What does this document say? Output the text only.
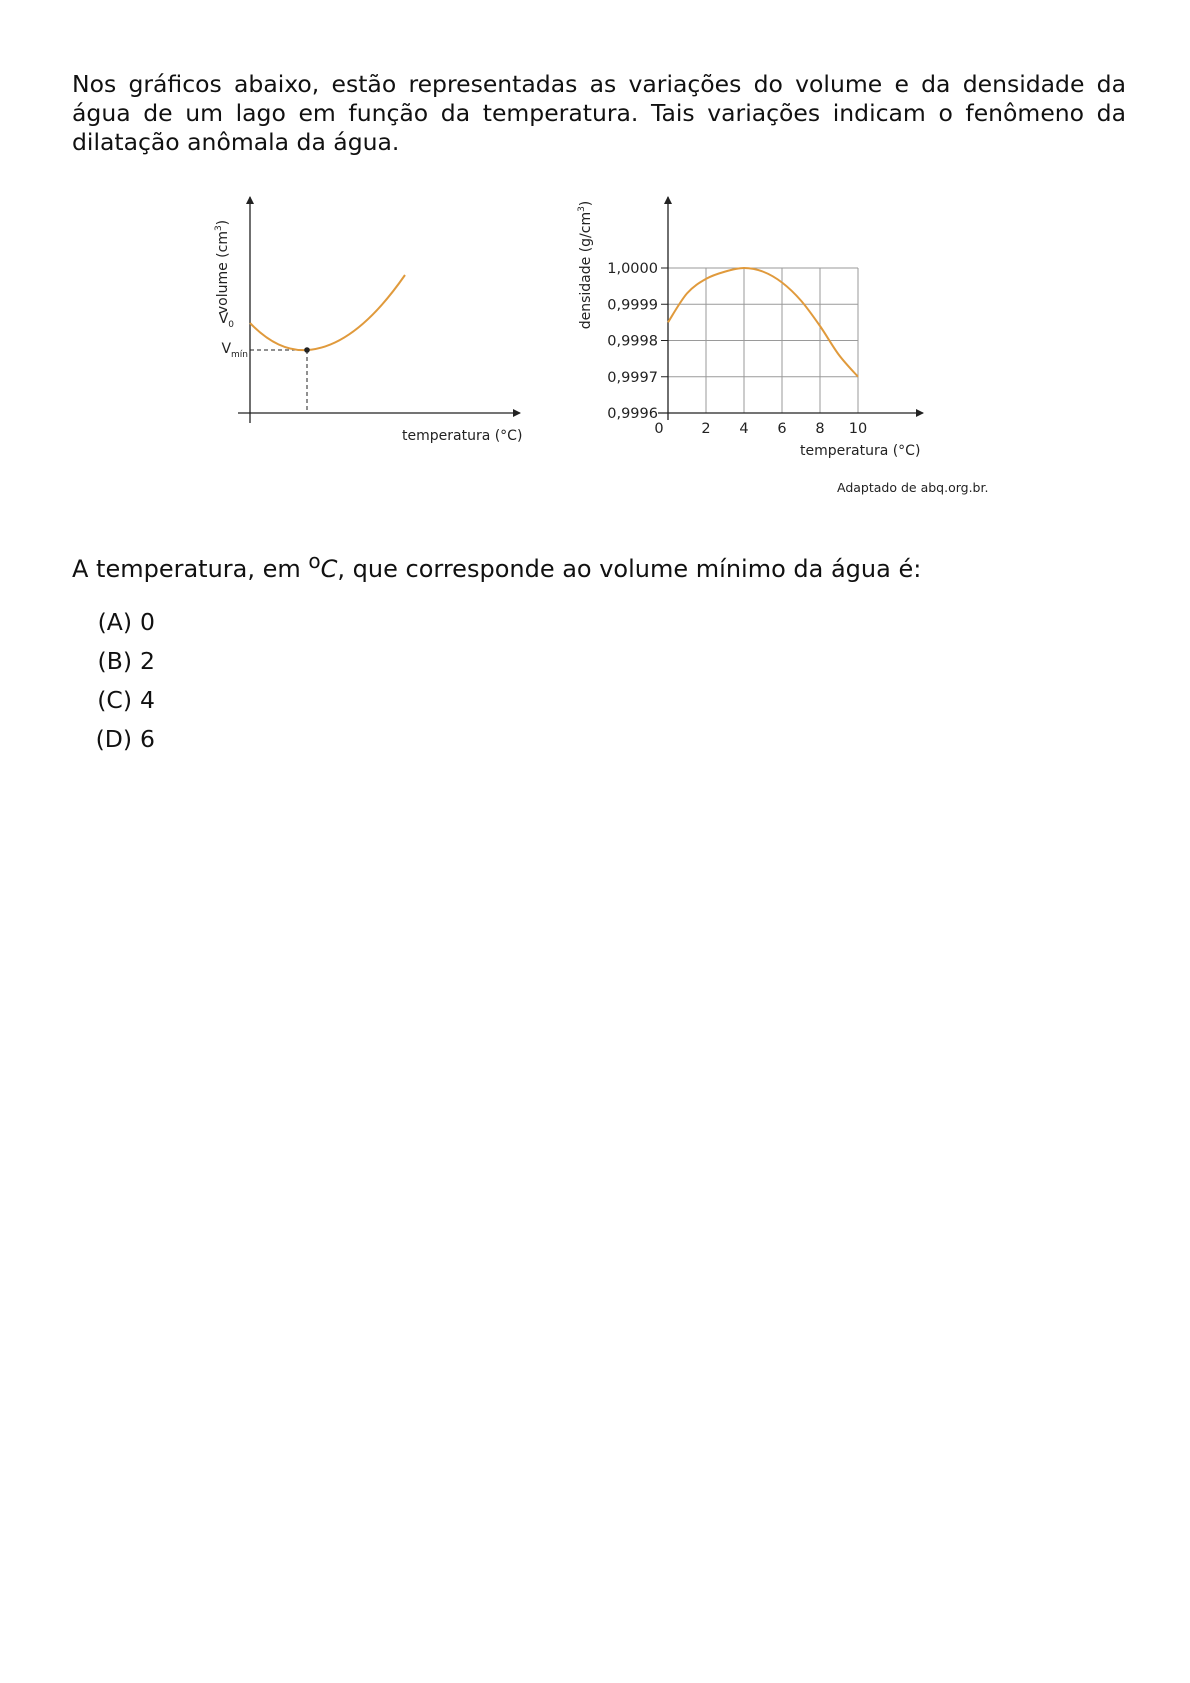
Nos gráficos abaixo, estão representadas as variações do volume e da densidade da água de um lago em função da temperatura. Tais variações indicam o fenômeno da dilatação anômala da água.

$V_0$
$V_{mín}$
volume $(cm^3)$
temperatura (°C)
0,9996
0,9997
0,9998
0,9999
1,0000
0	2 4 6 8 10
densidade $(g/cm^3)$
temperatura (°C)
Adaptado de abq.org.br.

A temperatura, em $^o$C, que corresponde ao volume mínimo da água é:

(A) 0
(B) 2
(C) 4
(D) 6
